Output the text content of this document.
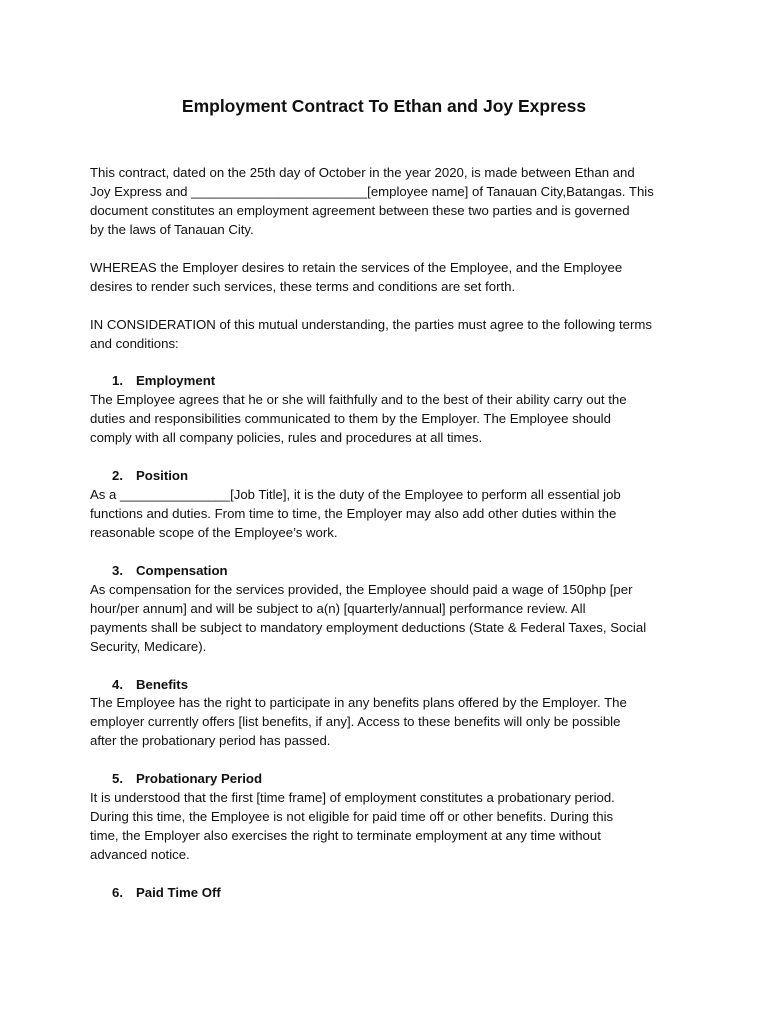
Employment Contract To Ethan and Joy Express
This contract, dated on the 25th day of October in the year 2020, is made between Ethan and
Joy Express and ________________________[employee name] of Tanauan City,Batangas. This
document constitutes an employment agreement between these two parties and is governed
by the laws of Tanauan City.
WHEREAS the Employer desires to retain the services of the Employee, and the Employee
desires to render such services, these terms and conditions are set forth.
IN CONSIDERATION of this mutual understanding, the parties must agree to the following terms
and conditions:
1. Employment
The Employee agrees that he or she will faithfully and to the best of their ability carry out the
duties and responsibilities communicated to them by the Employer. The Employee should
comply with all company policies, rules and procedures at all times.
2. Position
As a _______________[Job Title], it is the duty of the Employee to perform all essential job
functions and duties. From time to time, the Employer may also add other duties within the
reasonable scope of the Employee’s work.
3. Compensation
As compensation for the services provided, the Employee should paid a wage of 150php [per
hour/per annum] and will be subject to a(n) [quarterly/annual] performance review. All
payments shall be subject to mandatory employment deductions (State & Federal Taxes, Social
Security, Medicare).
4. Benefits
The Employee has the right to participate in any benefits plans offered by the Employer. The
employer currently offers [list benefits, if any]. Access to these benefits will only be possible
after the probationary period has passed.
5. Probationary Period
It is understood that the first [time frame] of employment constitutes a probationary period.
During this time, the Employee is not eligible for paid time off or other benefits. During this
time, the Employer also exercises the right to terminate employment at any time without
advanced notice.
6. Paid Time Off
